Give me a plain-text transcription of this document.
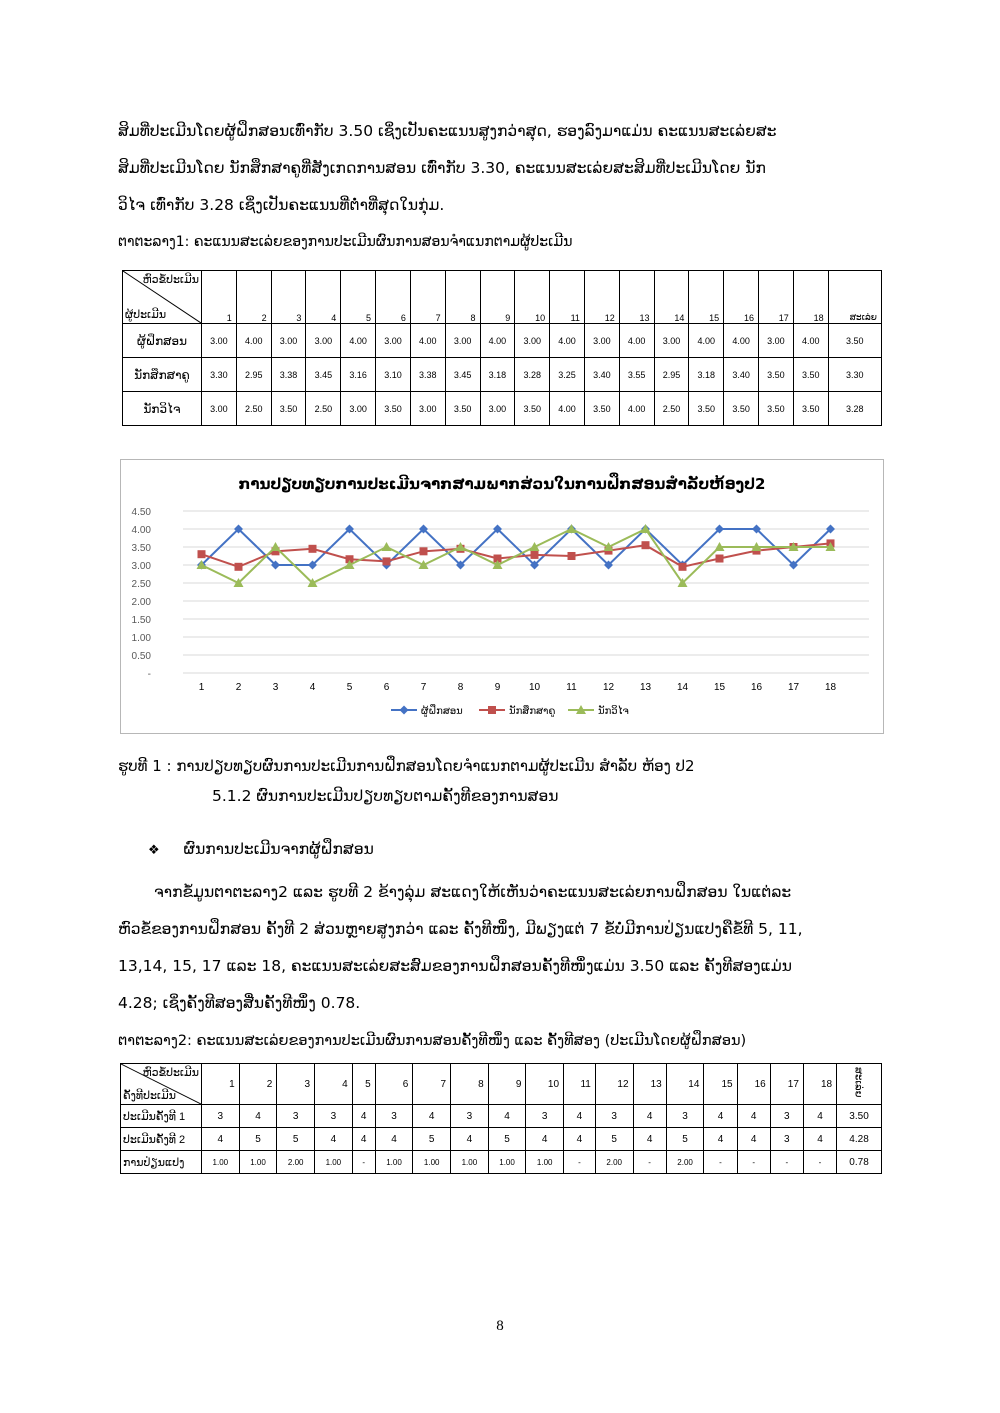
ສິມທີ່ປະເມີນໂດຍຜູ້ຝຶກສອນເທົ່າກັບ 3.50 ເຊິ່ງເປັນຄະແນນສູງກວ່າສຸດ, ຮອງລົງມາແມ່ນ ຄະແນນສະເລ່ຍສະ

ສິມທີ່ປະເມີນໂດຍ ນັກສຶກສາຄູທີ່ສັງເກດການສອນ ເທົ່າກັບ 3.30, ຄະແນນສະເລ່ຍສະສິມທີ່ປະເມີນໂດຍ ນັກ

ວິໄຈ ເທົ່າກັບ 3.28 ເຊິ່ງເປັນຄະແນນທີ່ຕໍ່າທີ່ສຸດໃນກຸ່ມ.

ຕາຕະລາງ1: ຄະແນນສະເລ່ຍຂອງການປະເມີນຜົນການສອນຈໍາແນກຕາມຜູ້ປະເມີນ
ຫົວຂໍ້ປະເມີນ
ຜູ້ປະເມີນ	1	2	3	4	5	6	7	8	9	10	11	12	13	14	15	16	17	18	ສະເລ່ຍ
ຜູ້ຝຶກສອນ	3.00	4.00	3.00	3.00	4.00	3.00	4.00	3.00	4.00	3.00	4.00	3.00	4.00	3.00	4.00	4.00	3.00	4.00	3.50
ນັກສຶກສາຄູ	3.30	2.95	3.38	3.45	3.16	3.10	3.38	3.45	3.18	3.28	3.25	3.40	3.55	2.95	3.18	3.40	3.50	3.50	3.30
ນັກວິໄຈ	3.00	2.50	3.50	2.50	3.00	3.50	3.00	3.50	3.00	3.50	4.00	3.50	4.00	2.50	3.50	3.50	3.50	3.50	3.28
ການປຽບທຽບການປະເມີນຈາກສາມພາກສ່ວນໃນການຝຶກສອນສໍາລັບຫ້ອງປ2
-
0.50
1.00
1.50
2.00
2.50
3.00
3.50
4.00
4.50
1	2	3	4	5	6	7	8	9	10	11	12	13	14	15	16	17	18
ຜູ້ຝຶກສອນ	ນັກສຶກສາຄູ	ນັກວິໄຈ
ຮູບທີ 1 : ການປຽບທຽບຜົນການປະເມີນການຝຶກສອນໂດຍຈໍາແນກຕາມຜູ້ປະເມີນ ສໍາລັບ ຫ້ອງ ປ2
5.1.2 ຜົນການປະເມີນປຽບທຽບຕາມຄັ້ງທີຂອງການສອນ
❖ ຜົນການປະເມີນຈາກຜູ້ຝຶກສອນ

ຈາກຂໍ້ມູນຕາຕະລາງ2 ແລະ ຮູບທີ 2 ຂ້າງລຸ່ມ ສະແດງໃຫ້ເຫັນວ່າຄະແນນສະເລ່ຍການຝຶກສອນ ໃນແຕ່ລະ

ຫົວຂໍ້ຂອງການຝຶກສອນ ຄັ້ງທີ 2 ສ່ວນຫຼາຍສູງກວ່າ ແລະ ຄັ້ງທີໜຶ່ງ, ມີພຽງແຕ່ 7 ຂໍ້ບໍ່ມີການປ່ຽນແປງຄືຂໍ້ທີ 5, 11,

13,14, 15, 17 ແລະ 18, ຄະແນນສະເລ່ຍສະສົມຂອງການຝຶກສອນຄັ້ງທີໜຶ່ງແມ່ນ 3.50 ແລະ ຄັ້ງທີສອງແມ່ນ

4.28; ເຊິ່ງຄັ້ງທີສອງສື່ນຄັ້ງທີໜຶ່ງ 0.78.

ຕາຕະລາງ2: ຄະແນນສະເລ່ຍຂອງການປະເມີນຜົນການສອນຄັ້ງທີໜຶ່ງ ແລະ ຄັ້ງທີສອງ (ປະເມີນໂດຍຜູ້ຝຶກສອນ)
ຫົວຂໍ້ປະເມີນ
ຄັ້ງທີປະເມີນ	1	2	3	4	5	6	7	8	9	10	11	12	13	14	15	16	17	18	ສະເລ່ຍ
ປະເມີນຄັ້ງທີ 1	3	4	3	3	4	3	4	3	4	3	4	3	4	3	4	4	3	4	3.50
ປະເມີນຄັ້ງທີ 2	4	5	5	4	4	4	5	4	5	4	4	5	4	5	4	4	3	4	4.28
ການປ່ຽນແປງ	1.00	1.00	2.00	1.00	-	1.00	1.00	1.00	1.00	1.00	-	2.00	-	2.00	-	-	-	-	0.78
8
